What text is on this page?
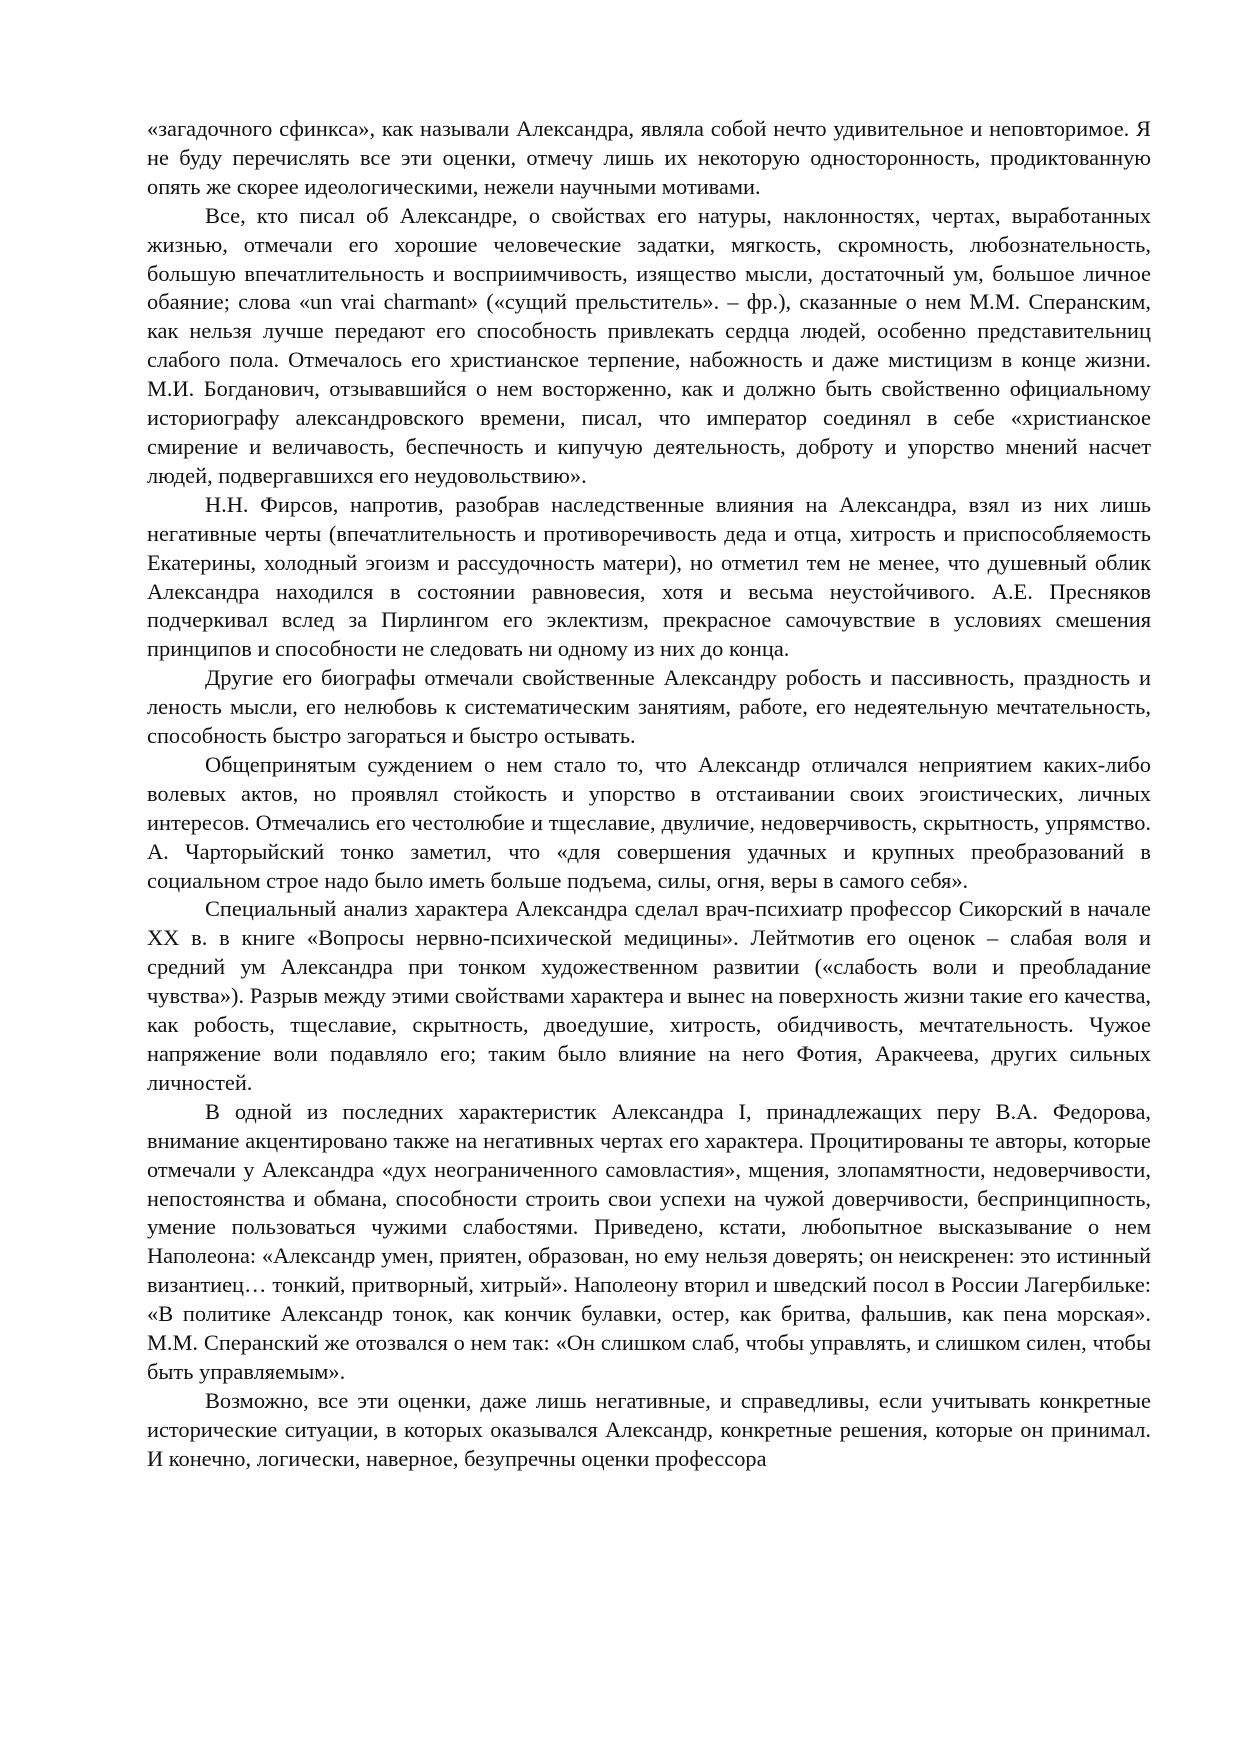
«загадочного сфинкса», как называли Александра, являла собой нечто удивительное и неповторимое. Я не буду перечислять все эти оценки, отмечу лишь их некоторую односторонность, продиктованную опять же скорее идеологическими, нежели научными мотивами.

Все, кто писал об Александре, о свойствах его натуры, наклонностях, чертах, выработанных жизнью, отмечали его хорошие человеческие задатки, мягкость, скромность, любознательность, большую впечатлительность и восприимчивость, изящество мысли, достаточный ум, большое личное обаяние; слова «un vrai charmant» («сущий прельститель». – фр.), сказанные о нем М.М. Сперанским, как нельзя лучше передают его способность привлекать сердца людей, особенно представительниц слабого пола. Отмечалось его христианское терпение, набожность и даже мистицизм в конце жизни. М.И. Богданович, отзывавшийся о нем восторженно, как и должно быть свойственно официальному историографу александровского времени, писал, что император соединял в себе «христианское смирение и величавость, беспечность и кипучую деятельность, доброту и упорство мнений насчет людей, подвергавшихся его неудовольствию».

Н.Н. Фирсов, напротив, разобрав наследственные влияния на Александра, взял из них лишь негативные черты (впечатлительность и противоречивость деда и отца, хитрость и приспособляемость Екатерины, холодный эгоизм и рассудочность матери), но отметил тем не менее, что душевный облик Александра находился в состоянии равновесия, хотя и весьма неустойчивого. А.Е. Пресняков подчеркивал вслед за Пирлингом его эклектизм, прекрасное самочувствие в условиях смешения принципов и способности не следовать ни одному из них до конца.

Другие его биографы отмечали свойственные Александру робость и пассивность, праздность и леность мысли, его нелюбовь к систематическим занятиям, работе, его недеятельную мечтательность, способность быстро загораться и быстро остывать.

Общепринятым суждением о нем стало то, что Александр отличался неприятием каких-либо волевых актов, но проявлял стойкость и упорство в отстаивании своих эгоистических, личных интересов. Отмечались его честолюбие и тщеславие, двуличие, недоверчивость, скрытность, упрямство. А. Чарторыйский тонко заметил, что «для совершения удачных и крупных преобразований в социальном строе надо было иметь больше подъема, силы, огня, веры в самого себя».

Специальный анализ характера Александра сделал врач-психиатр профессор Сикорский в начале XX в. в книге «Вопросы нервно-психической медицины». Лейтмотив его оценок – слабая воля и средний ум Александра при тонком художественном развитии («слабость воли и преобладание чувства»). Разрыв между этими свойствами характера и вынес на поверхность жизни такие его качества, как робость, тщеславие, скрытность, двоедушие, хитрость, обидчивость, мечтательность. Чужое напряжение воли подавляло его; таким было влияние на него Фотия, Аракчеева, других сильных личностей.

В одной из последних характеристик Александра I, принадлежащих перу В.А. Федорова, внимание акцентировано также на негативных чертах его характера. Процитированы те авторы, которые отмечали у Александра «дух неограниченного самовластия», мщения, злопамятности, недоверчивости, непостоянства и обмана, способности строить свои успехи на чужой доверчивости, беспринципность, умение пользоваться чужими слабостями. Приведено, кстати, любопытное высказывание о нем Наполеона: «Александр умен, приятен, образован, но ему нельзя доверять; он неискренен: это истинный византиец… тонкий, притворный, хитрый». Наполеону вторил и шведский посол в России Лагербильке: «В политике Александр тонок, как кончик булавки, остер, как бритва, фальшив, как пена морская». М.М. Сперанский же отозвался о нем так: «Он слишком слаб, чтобы управлять, и слишком силен, чтобы быть управляемым».

Возможно, все эти оценки, даже лишь негативные, и справедливы, если учитывать конкретные исторические ситуации, в которых оказывался Александр, конкретные решения, которые он принимал. И конечно, логически, наверное, безупречны оценки профессора
